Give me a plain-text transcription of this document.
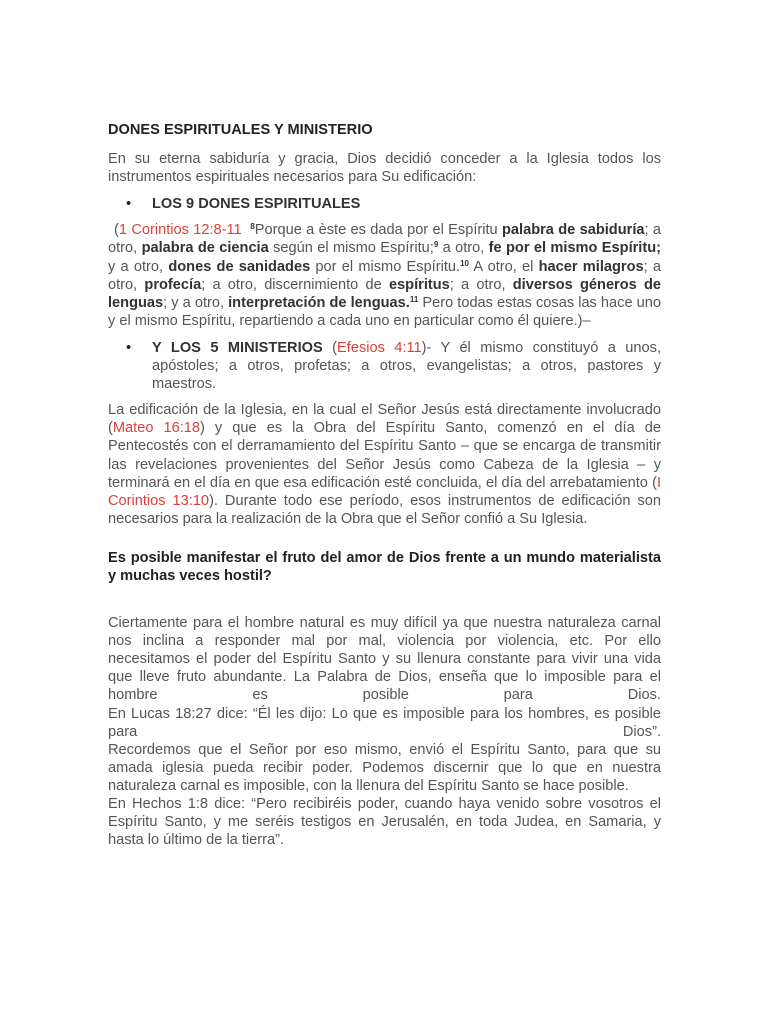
DONES ESPIRITUALES Y MINISTERIO

En su eterna sabiduría y gracia, Dios decidió conceder a la Iglesia todos los instrumentos espirituales necesarios para Su edificación:

•	LOS 9 DONES ESPIRITUALES

(1 Corintios 12:8-11 $^8$Porque a èste es dada por el Espíritu palabra de sabiduría; a otro, palabra de ciencia según el mismo Espíritu;$^9$ a otro, fe por el mismo Espíritu; y a otro, dones de sanidades por el mismo Espíritu.$^{10}$ A otro, el hacer milagros; a otro, profecía; a otro, discernimiento de espíritus; a otro, diversos géneros de lenguas; y a otro, interpretación de lenguas.$^{11}$ Pero todas estas cosas las hace uno y el mismo Espíritu, repartiendo a cada uno en particular como él quiere.)–

•	Y LOS 5 MINISTERIOS (Efesios 4:11)- Y él mismo constituyó a unos, apóstoles; a otros, profetas; a otros, evangelistas; a otros, pastores y maestros.

La edificación de la Iglesia, en la cual el Señor Jesús está directamente involucrado (Mateo 16:18) y que es la Obra del Espíritu Santo, comenzó en el día de Pentecostés con el derramamiento del Espíritu Santo – que se encarga de transmitir las revelaciones provenientes del Señor Jesús como Cabeza de la Iglesia – y terminará en el día en que esa edificación esté concluida, el día del arrebatamiento (I Corintios 13:10). Durante todo ese período, esos instrumentos de edificación son necesarios para la realización de la Obra que el Señor confió a Su Iglesia.

Es posible manifestar el fruto del amor de Dios frente a un mundo materialista y muchas veces hostil?

Ciertamente para el hombre natural es muy difícil ya que nuestra naturaleza carnal nos inclina a responder mal por mal, violencia por violencia, etc. Por ello necesitamos el poder del Espíritu Santo y su llenura constante para vivir una vida que lleve fruto abundante. La Palabra de Dios, enseña que lo imposible para el hombre es posible para Dios.

En Lucas 18:27 dice: “Él les dijo: Lo que es imposible para los hombres, es posible para Dios”.

Recordemos que el Señor por eso mismo, envió el Espíritu Santo, para que su amada iglesia pueda recibir poder. Podemos discernir que lo que en nuestra naturaleza carnal es imposible, con la llenura del Espíritu Santo se hace posible.

En Hechos 1:8 dice: “Pero recibiréis poder, cuando haya venido sobre vosotros el Espíritu Santo, y me seréis testigos en Jerusalén, en toda Judea, en Samaria, y hasta lo último de la tierra”.
